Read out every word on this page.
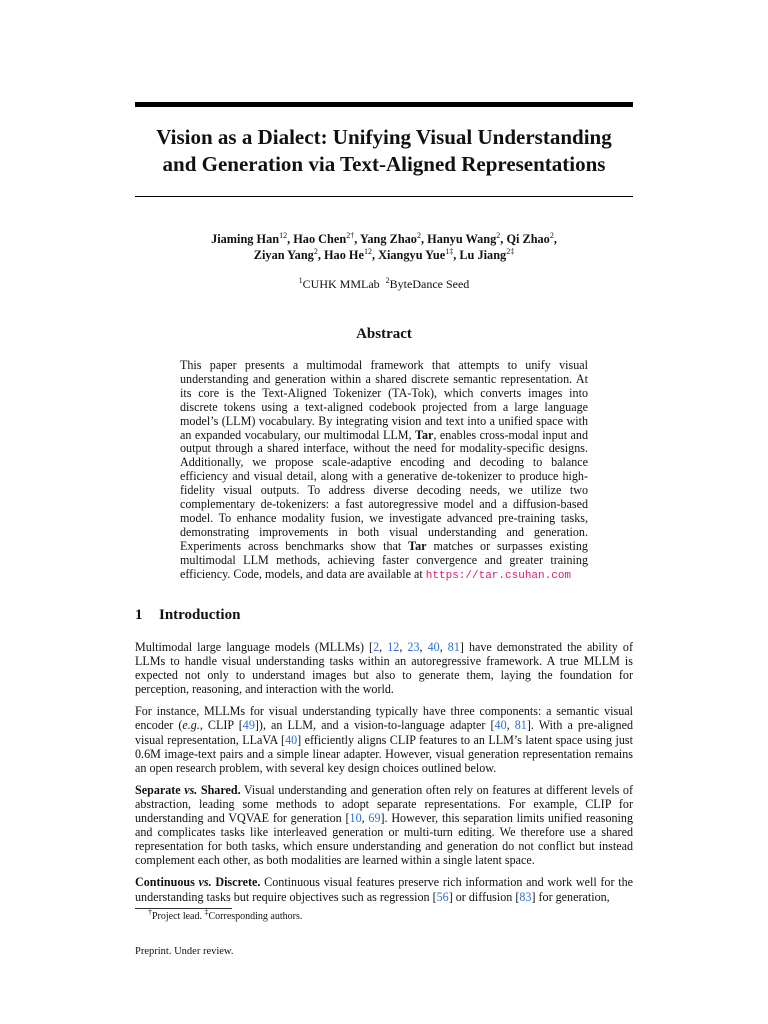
Vision as a Dialect: Unifying Visual Understanding
and Generation via Text-Aligned Representations
Jiaming Han$^{12}$, Hao Chen$^{2\dagger}$, Yang Zhao$^2$, Hanyu Wang$^2$, Qi Zhao$^2$,
Ziyan Yang$^2$, Hao He$^{12}$, Xiangyu Yue$^{1\ddagger}$, Lu Jiang$^{2\ddagger}$
$^1$CUHK MMLab $^2$ByteDance Seed
Abstract

This paper presents a multimodal framework that attempts to unify visual understanding and generation within a shared discrete semantic representation. At its core is the Text-Aligned Tokenizer (TA-Tok), which converts images into discrete tokens using a text-aligned codebook projected from a large language model’s (LLM) vocabulary. By integrating vision and text into a unified space with an expanded vocabulary, our multimodal LLM, Tar, enables cross-modal input and output through a shared interface, without the need for modality-specific designs. Additionally, we propose scale-adaptive encoding and decoding to balance efficiency and visual detail, along with a generative de-tokenizer to produce high-fidelity visual outputs. To address diverse decoding needs, we utilize two complementary de-tokenizers: a fast autoregressive model and a diffusion-based model. To enhance modality fusion, we investigate advanced pre-training tasks, demonstrating improvements in both visual understanding and generation. Experiments across benchmarks show that Tar matches or surpasses existing multimodal LLM methods, achieving faster convergence and greater training efficiency. Code, models, and data are available at https://tar.csuhan.com

1 Introduction

Multimodal large language models (MLLMs) [2, 12, 23, 40, 81] have demonstrated the ability of LLMs to handle visual understanding tasks within an autoregressive framework. A true MLLM is expected not only to understand images but also to generate them, laying the foundation for perception, reasoning, and interaction with the world.

For instance, MLLMs for visual understanding typically have three components: a semantic visual encoder (e.g., CLIP [49]), an LLM, and a vision-to-language adapter [40, 81]. With a pre-aligned visual representation, LLaVA [40] efficiently aligns CLIP features to an LLM’s latent space using just 0.6M image-text pairs and a simple linear adapter. However, visual generation representation remains an open research problem, with several key design choices outlined below.

Separate vs. Shared. Visual understanding and generation often rely on features at different levels of abstraction, leading some methods to adopt separate representations. For example, CLIP for understanding and VQVAE for generation [10, 69]. However, this separation limits unified reasoning and complicates tasks like interleaved generation or multi-turn editing. We therefore use a shared representation for both tasks, which ensure understanding and generation do not conflict but instead complement each other, as both modalities are learned within a single latent space.

Continuous vs. Discrete. Continuous visual features preserve rich information and work well for the understanding tasks but require objectives such as regression [56] or diffusion [83] for generation,

†Project lead. ‡Corresponding authors.
Preprint. Under review.
